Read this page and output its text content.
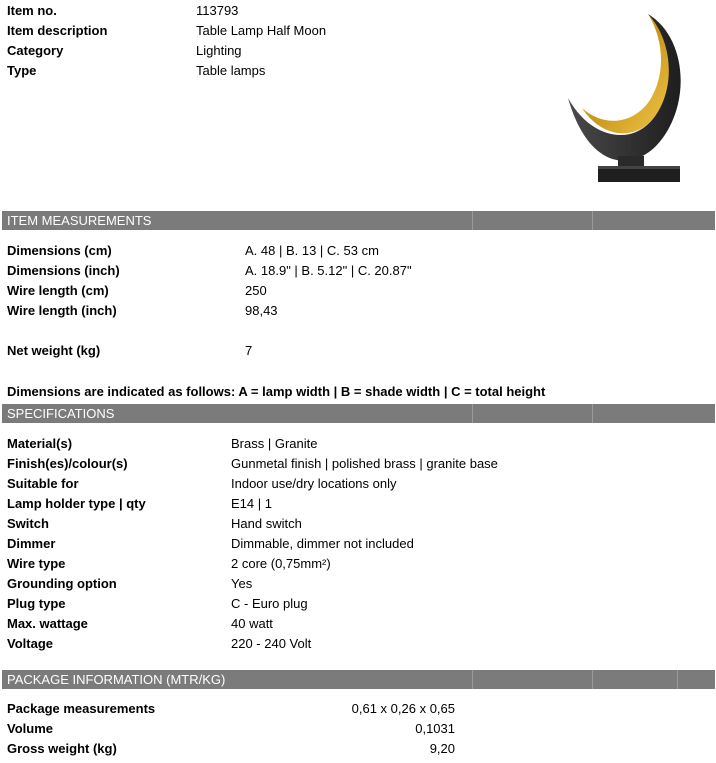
Item no.	113793
Item description	Table Lamp Half Moon
Category	Lighting
Type	Table lamps
ITEM MEASUREMENTS
Dimensions (cm)	A. 48 | B. 13 | C. 53 cm
Dimensions (inch)	A. 18.9" | B. 5.12" | C. 20.87"
Wire length (cm)	250
Wire length (inch)	98,43
Net weight (kg)	7
Dimensions are indicated as follows: A = lamp width | B = shade width | C = total height
SPECIFICATIONS
Material(s)	Brass | Granite
Finish(es)/colour(s)	Gunmetal finish | polished brass | granite base
Suitable for	Indoor use/dry locations only
Lamp holder type | qty	E14 | 1
Switch	Hand switch
Dimmer	Dimmable, dimmer not included
Wire type	2 core (0,75mm²)
Grounding option	Yes
Plug type	C - Euro plug
Max. wattage	40 watt
Voltage	220 - 240 Volt
PACKAGE INFORMATION (MTR/KG)
Package measurements	0,61 x 0,26 x 0,65
Volume	0,1031
Gross weight (kg)	9,20
